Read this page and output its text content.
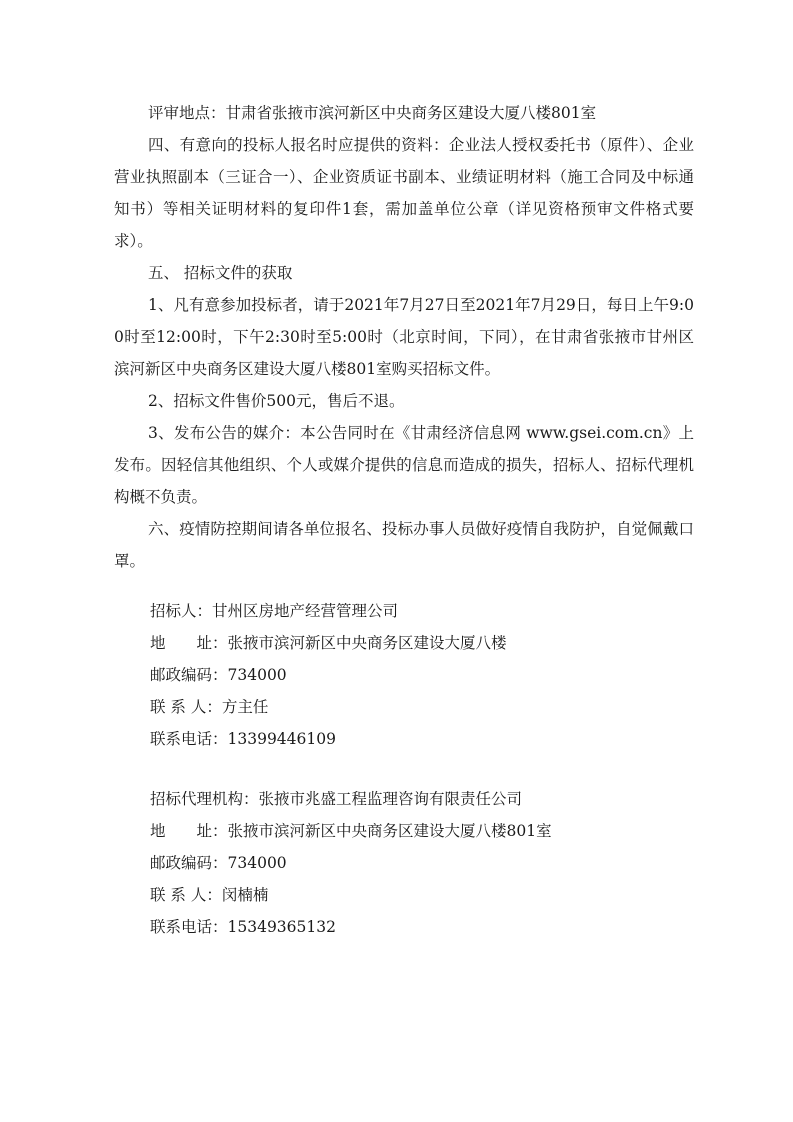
评审地点：甘肃省张掖市滨河新区中央商务区建设大厦八楼801室

四、有意向的投标人报名时应提供的资料：企业法人授权委托书（原件）、企业营业执照副本（三证合一）、企业资质证书副本、业绩证明材料（施工合同及中标通知书）等相关证明材料的复印件1套，需加盖单位公章（详见资格预审文件格式要求）。

五、 招标文件的获取

1、凡有意参加投标者，请于2021年7月27日至2021年7月29日，每日上午9:00时至12:00时，下午2:30时至5:00时（北京时间，下同），在甘肃省张掖市甘州区滨河新区中央商务区建设大厦八楼801室购买招标文件。

2、招标文件售价500元，售后不退。

3、发布公告的媒介：本公告同时在《甘肃经济信息网 www.gsei.com.cn》上发布。因轻信其他组织、个人或媒介提供的信息而造成的损失，招标人、招标代理机构概不负责。

六、疫情防控期间请各单位报名、投标办事人员做好疫情自我防护，自觉佩戴口罩。

招标人：甘州区房地产经营管理公司
地　　址：张掖市滨河新区中央商务区建设大厦八楼
邮政编码：734000
联 系 人：方主任
联系电话：13399446109
招标代理机构：张掖市兆盛工程监理咨询有限责任公司
地　　址：张掖市滨河新区中央商务区建设大厦八楼801室
邮政编码：734000
联 系 人：闵楠楠
联系电话：15349365132
